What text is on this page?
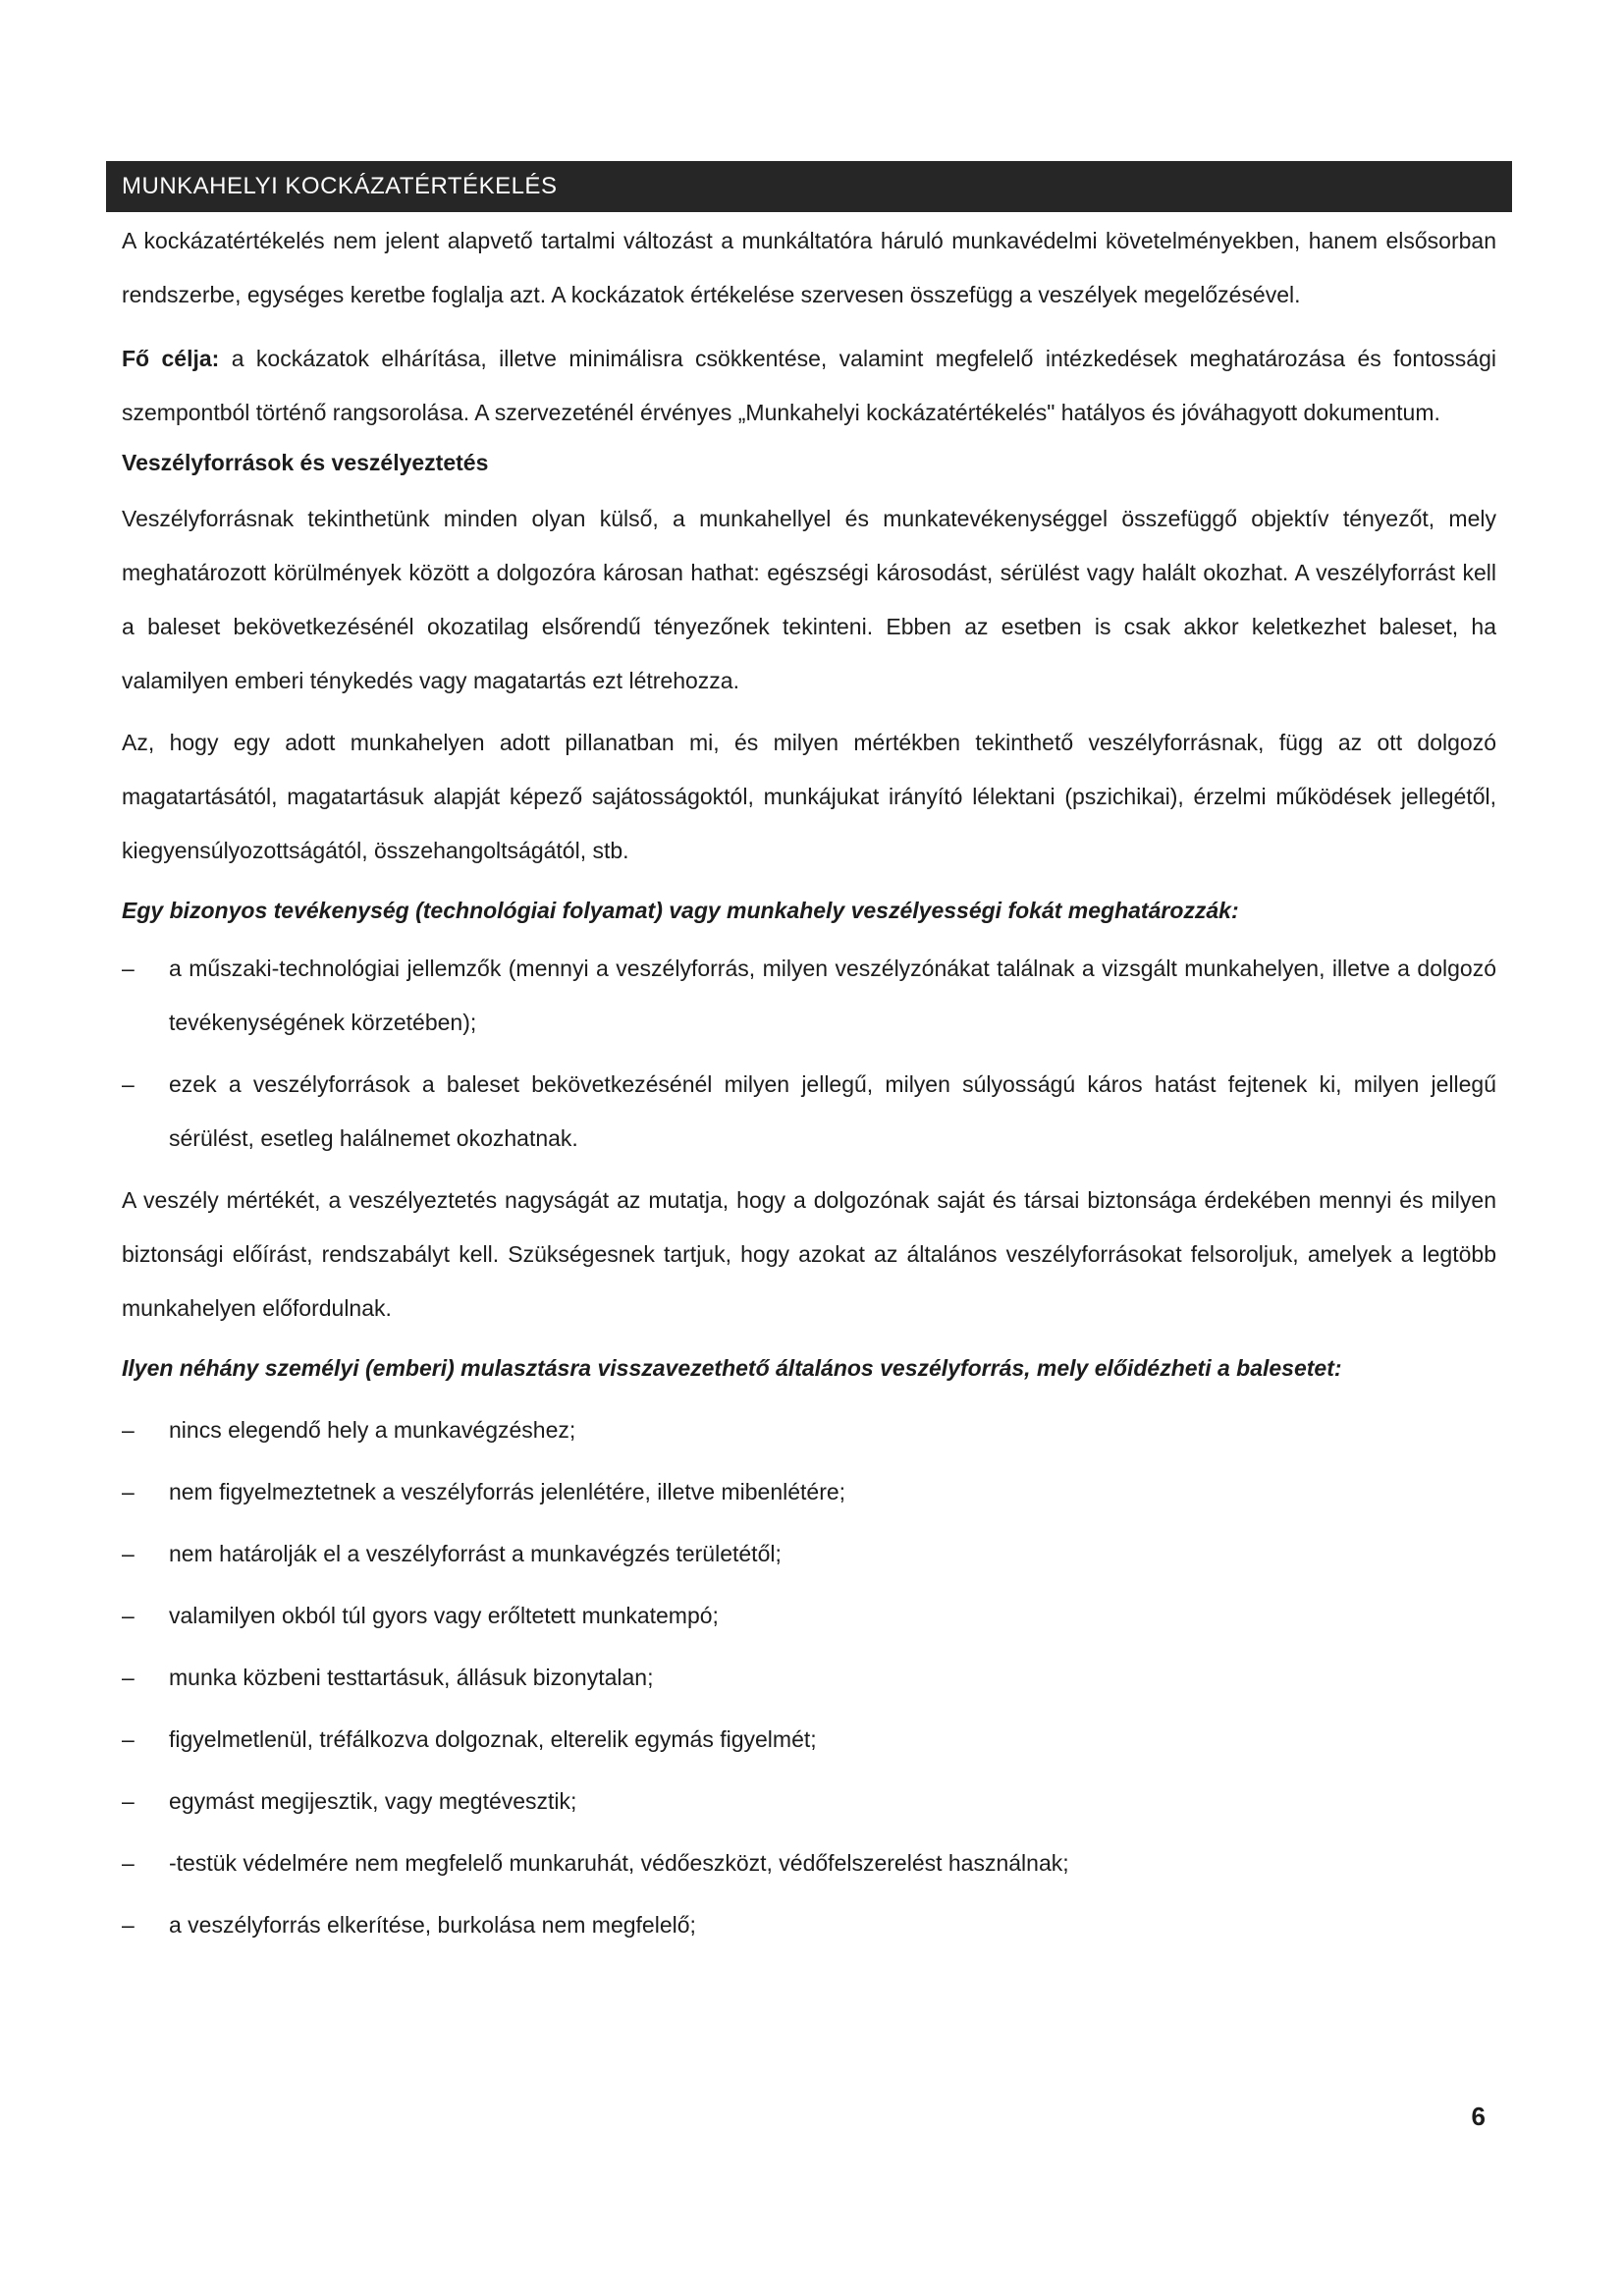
MUNKAHELYI KOCKÁZATÉRTÉKELÉS

A kockázatértékelés nem jelent alapvető tartalmi változást a munkáltatóra háruló munkavédelmi követelményekben, hanem elsősorban rendszerbe, egységes keretbe foglalja azt. A kockázatok értékelése szervesen összefügg a veszélyek megelőzésével.

Fő célja: a kockázatok elhárítása, illetve minimálisra csökkentése, valamint megfelelő intézkedések meghatározása és fontossági szempontból történő rangsorolása. A szervezeténél érvényes „Munkahelyi kockázatértékelés" hatályos és jóváhagyott dokumentum.

Veszélyforrások és veszélyeztetés

Veszélyforrásnak tekinthetünk minden olyan külső, a munkahellyel és munkatevékenységgel összefüggő objektív tényezőt, mely meghatározott körülmények között a dolgozóra károsan hathat: egészségi károsodást, sérülést vagy halált okozhat. A veszélyforrást kell a baleset bekövetkezésénél okozatilag elsőrendű tényezőnek tekinteni. Ebben az esetben is csak akkor keletkezhet baleset, ha valamilyen emberi ténykedés vagy magatartás ezt létrehozza.

Az, hogy egy adott munkahelyen adott pillanatban mi, és milyen mértékben tekinthető veszélyforrásnak, függ az ott dolgozó magatartásától, magatartásuk alapját képező sajátosságoktól, munkájukat irányító lélektani (pszichikai), érzelmi működések jellegétől, kiegyensúlyozottságától, összehangoltságától, stb.

Egy bizonyos tevékenység (technológiai folyamat) vagy munkahely veszélyességi fokát meghatározzák:

– a műszaki-technológiai jellemzők (mennyi a veszélyforrás, milyen veszélyzónákat találnak a vizsgált munkahelyen, illetve a dolgozó tevékenységének körzetében);
– ezek a veszélyforrások a baleset bekövetkezésénél milyen jellegű, milyen súlyosságú káros hatást fejtenek ki, milyen jellegű sérülést, esetleg halálnemet okozhatnak.

A veszély mértékét, a veszélyeztetés nagyságát az mutatja, hogy a dolgozónak saját és társai biztonsága érdekében mennyi és milyen biztonsági előírást, rendszabályt kell. Szükségesnek tartjuk, hogy azokat az általános veszélyforrásokat felsoroljuk, amelyek a legtöbb munkahelyen előfordulnak.

Ilyen néhány személyi (emberi) mulasztásra visszavezethető általános veszélyforrás, mely előidézheti a balesetet:

– nincs elegendő hely a munkavégzéshez;
– nem figyelmeztetnek a veszélyforrás jelenlétére, illetve mibenlétére;
– nem határolják el a veszélyforrást a munkavégzés területétől;
– valamilyen okból túl gyors vagy erőltetett munkatempó;
– munka közbeni testtartásuk, állásuk bizonytalan;
– figyelmetlenül, tréfálkozva dolgoznak, elterelik egymás figyelmét;
– egymást megijesztik, vagy megtévesztik;
– -testük védelmére nem megfelelő munkaruhát, védőeszközt, védőfelszerelést használnak;
– a veszélyforrás elkerítése, burkolása nem megfelelő;
6
